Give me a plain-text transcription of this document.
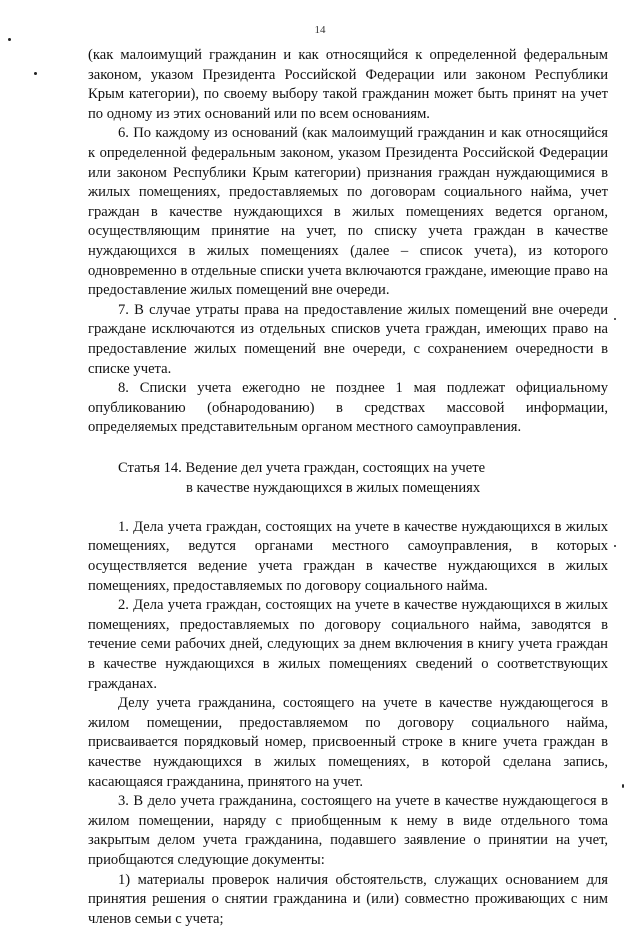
14

(как малоимущий гражданин и как относящийся к определенной федеральным законом, указом Президента Российской Федерации или законом Республики Крым категории), по своему выбору такой гражданин может быть принят на учет по одному из этих оснований или по всем основаниям.

6. По каждому из оснований (как малоимущий гражданин и как относящийся к определенной федеральным законом, указом Президента Российской Федерации или законом Республики Крым категории) признания граждан нуждающимися в жилых помещениях, предоставляемых по договорам социального найма, учет граждан в качестве нуждающихся в жилых помещениях ведется органом, осуществляющим принятие на учет, по списку учета граждан в качестве нуждающихся в жилых помещениях (далее – список учета), из которого одновременно в отдельные списки учета включаются граждане, имеющие право на предоставление жилых помещений вне очереди.

7. В случае утраты права на предоставление жилых помещений вне очереди граждане исключаются из отдельных списков учета граждан, имеющих право на предоставление жилых помещений вне очереди, с сохранением очередности в списке учета.

8. Списки учета ежегодно не позднее 1 мая подлежат официальному опубликованию (обнародованию) в средствах массовой информации, определяемых представительным органом местного самоуправления.

Статья 14. Ведение дел учета граждан, состоящих на учете

в качестве нуждающихся в жилых помещениях

1. Дела учета граждан, состоящих на учете в качестве нуждающихся в жилых помещениях, ведутся органами местного самоуправления, в которых осуществляется ведение учета граждан в качестве нуждающихся в жилых помещениях, предоставляемых по договору социального найма.

2. Дела учета граждан, состоящих на учете в качестве нуждающихся в жилых помещениях, предоставляемых по договору социального найма, заводятся в течение семи рабочих дней, следующих за днем включения в книгу учета граждан в качестве нуждающихся в жилых помещениях сведений о соответствующих гражданах.

Делу учета гражданина, состоящего на учете в качестве нуждающегося в жилом помещении, предоставляемом по договору социального найма, присваивается порядковый номер, присвоенный строке в книге учета граждан в качестве нуждающихся в жилых помещениях, в которой сделана запись, касающаяся гражданина, принятого на учет.

3. В дело учета гражданина, состоящего на учете в качестве нуждающегося в жилом помещении, наряду с приобщенным к нему в виде отдельного тома закрытым делом учета гражданина, подавшего заявление о принятии на учет, приобщаются следующие документы:

1) материалы проверок наличия обстоятельств, служащих основанием для принятия решения о снятии гражданина и (или) совместно проживающих с ним членов семьи с учета;
